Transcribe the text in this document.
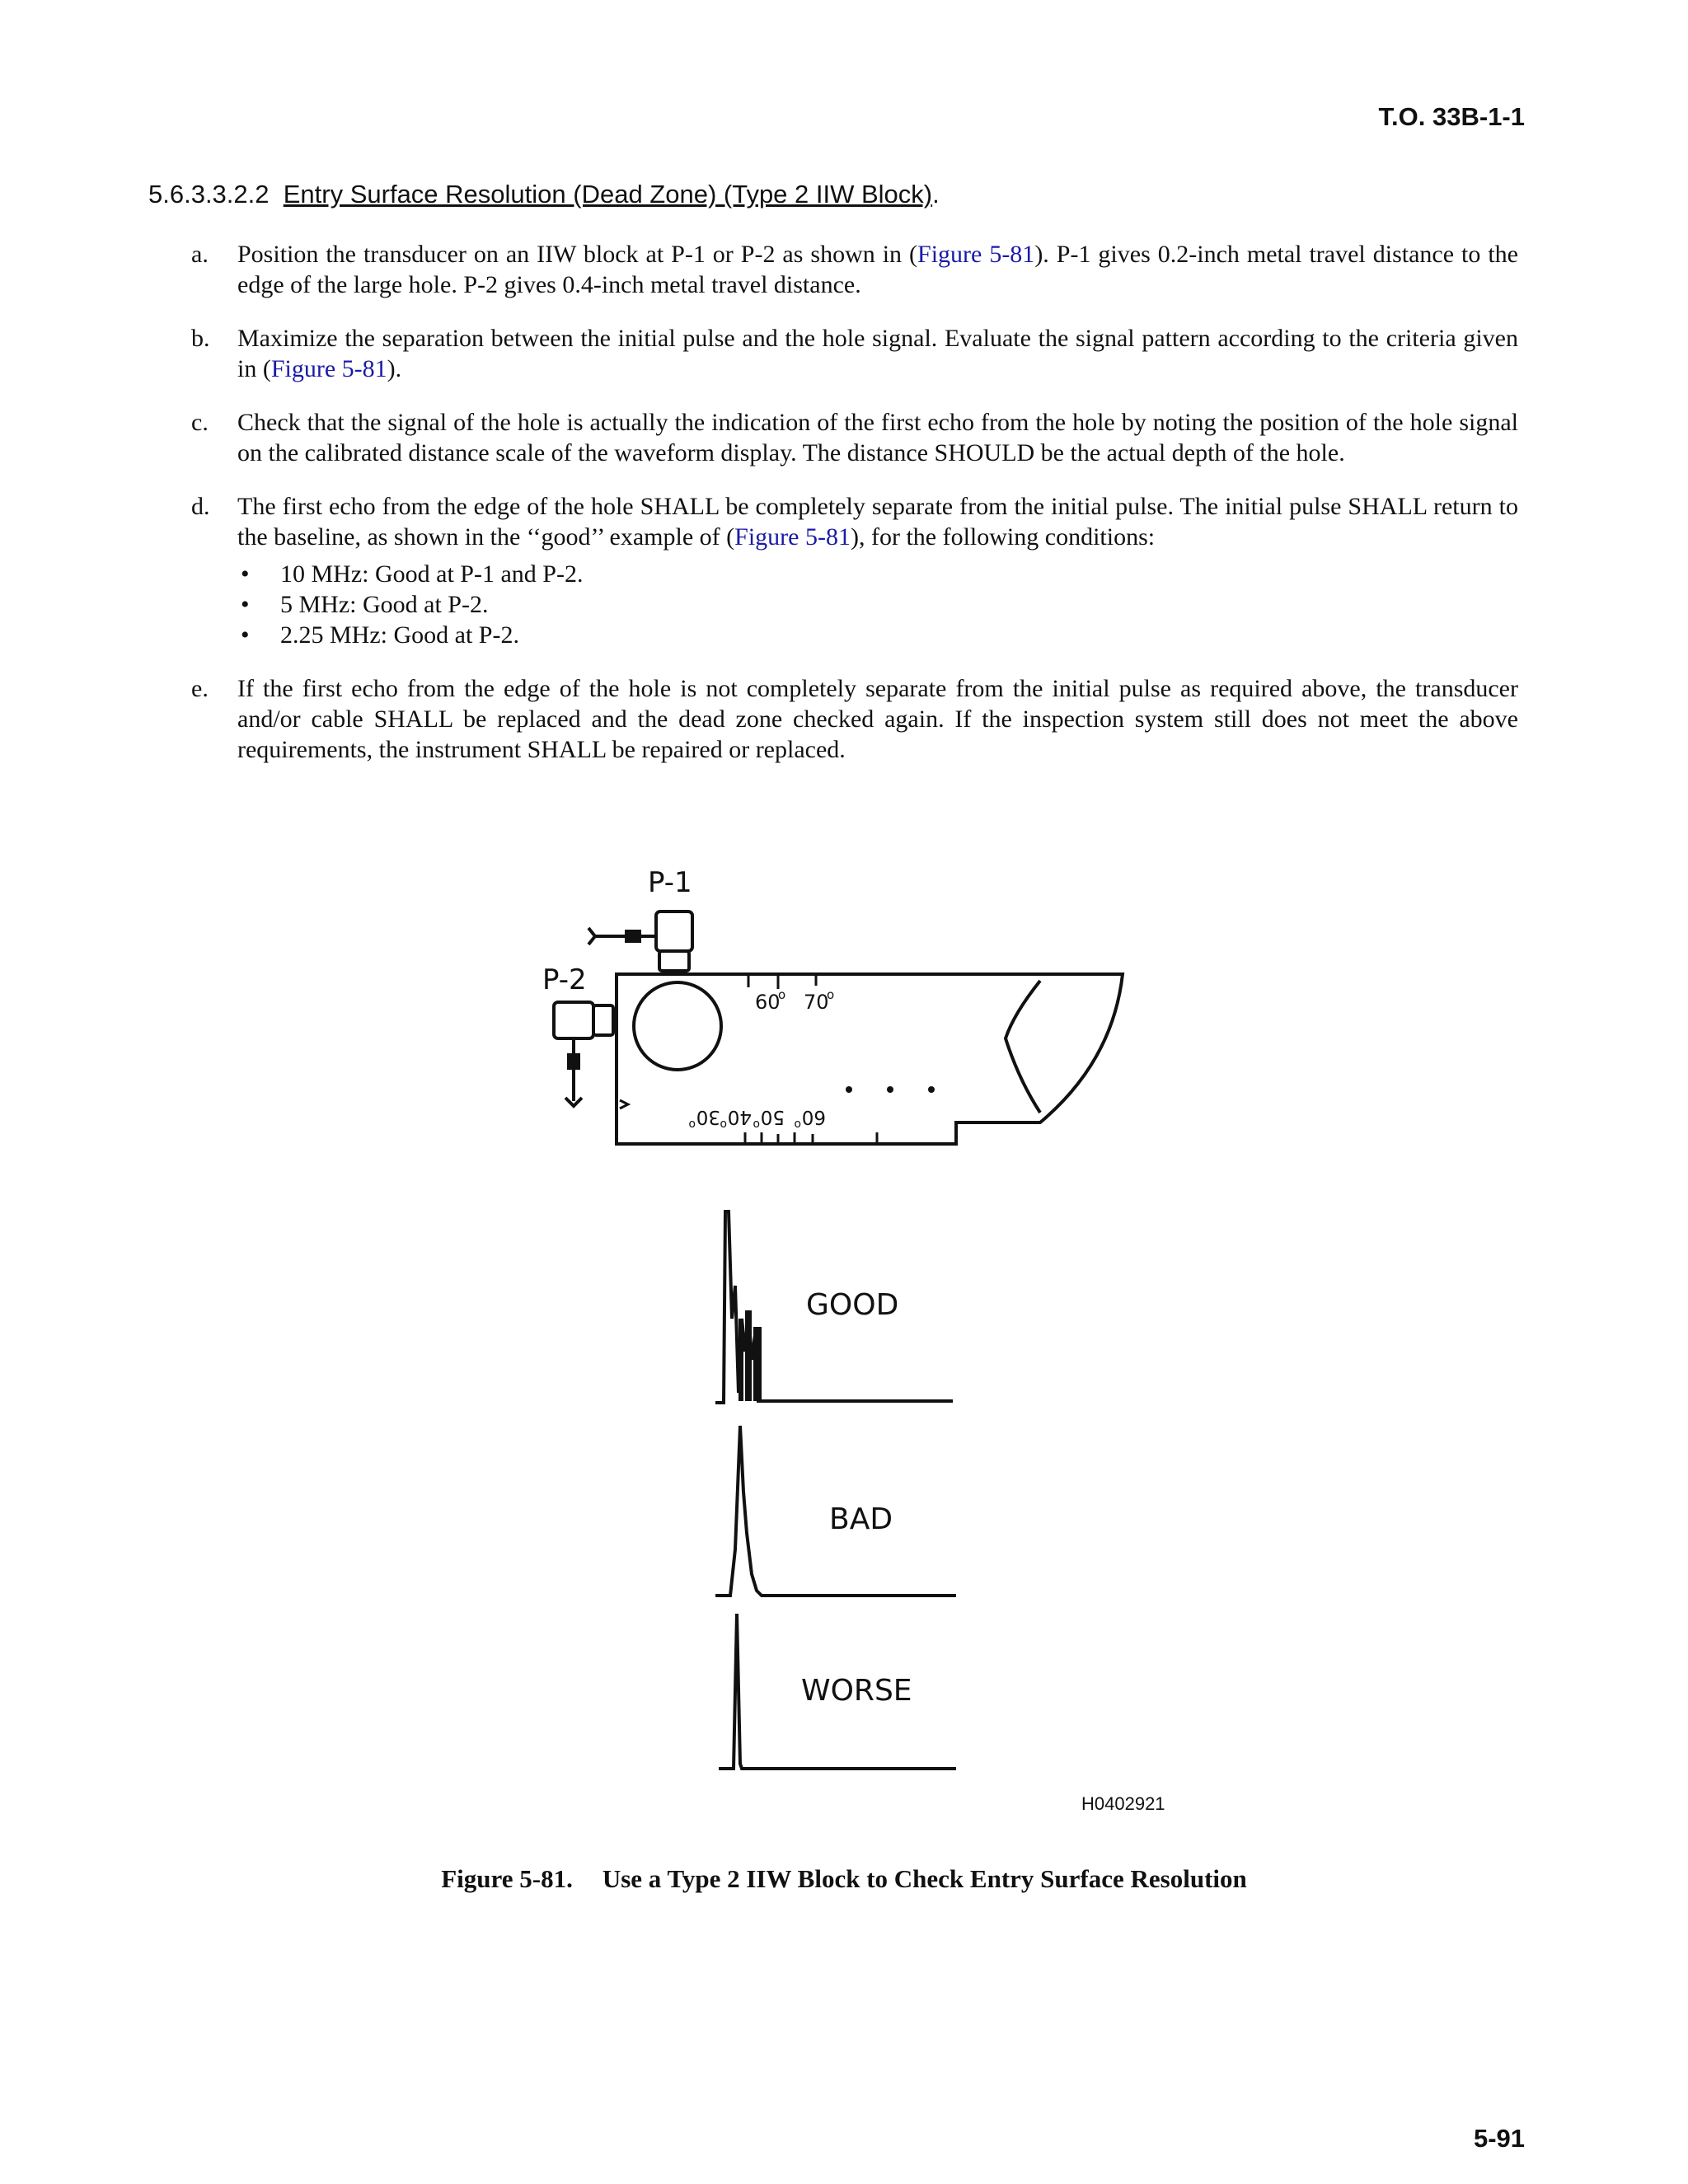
T.O. 33B-1-1
5.6.3.3.2.2 Entry Surface Resolution (Dead Zone) (Type 2 IIW Block).
a.	Position the transducer on an IIW block at P-1 or P-2 as shown in (Figure 5-81). P-1 gives 0.2-inch metal travel distance to the edge of the large hole. P-2 gives 0.4-inch metal travel distance.
b. Maximize the separation between the initial pulse and the hole signal. Evaluate the signal pattern according to the criteria given in (Figure 5-81).
c.	Check that the signal of the hole is actually the indication of the first echo from the hole by noting the position of the hole signal on the calibrated distance scale of the waveform display. The distance SHOULD be the actual depth of the hole.
d. The first echo from the edge of the hole SHALL be completely separate from the initial pulse. The initial pulse SHALL return to the baseline, as shown in the ‘‘good’’ example of (Figure 5-81), for the following conditions:
• 10 MHz: Good at P-1 and P-2.
• 5 MHz: Good at P-2.
• 2.25 MHz: Good at P-2.
e.	If the first echo from the edge of the hole is not completely separate from the initial pulse as required above, the transducer and/or cable SHALL be replaced and the dead zone checked again. If the inspection system still does not meet the above requirements, the instrument SHALL be repaired or replaced.
60
o 70
o
60
o
50
o
40
o
30
o
P-1
P-2
GOOD
BAD
WORSE
H0402921
Figure 5-81. Use a Type 2 IIW Block to Check Entry Surface Resolution
5-91
